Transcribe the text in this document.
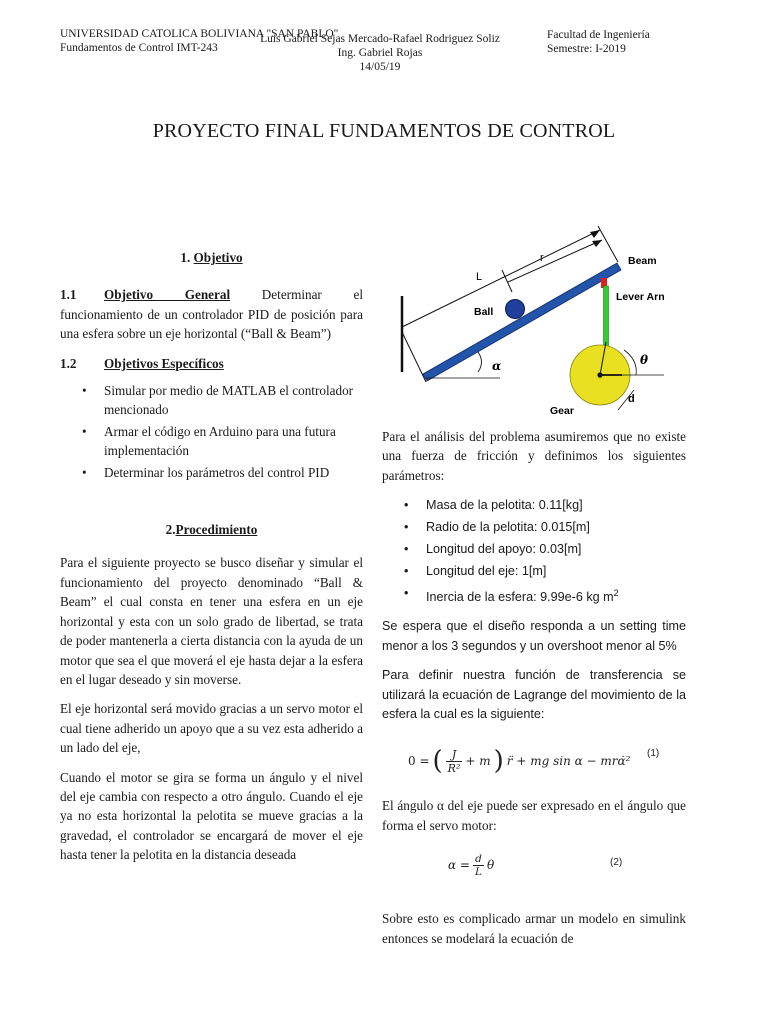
UNIVERSIDAD CATOLICA BOLIVIANA "SAN PABLO"
Fundamentos de Control IMT-243
Luis Gabriel Sejas Mercado-Rafael Rodriguez Soliz
Ing. Gabriel Rojas
14/05/19
Facultad de Ingeniería
Semestre: I-2019
PROYECTO FINAL FUNDAMENTOS DE CONTROL
1. Objetivo

1.1 Objetivo General Determinar el funcionamiento de un controlador PID de posición para una esfera sobre un eje horizontal (“Ball & Beam”)

1.2	Objetivos Específicos
• Simular por medio de MATLAB el controlador mencionado
• Armar el código en Arduino para una futura implementación
• Determinar los parámetros del control PID
2.Procedimiento

Para el siguiente proyecto se busco diseñar y simular el funcionamiento del proyecto denominado “Ball & Beam” el cual consta en tener una esfera en un eje horizontal y esta con un solo grado de libertad, se trata de poder mantenerla a cierta distancia con la ayuda de un motor que sea el que moverá el eje hasta dejar a la esfera en el lugar deseado y sin moverse.

El eje horizontal será movido gracias a un servo motor el cual tiene adherido un apoyo que a su vez esta adherido a un lado del eje,

Cuando el motor se gira se forma un ángulo y el nivel del eje cambia con respecto a otro ángulo. Cuando el eje ya no esta horizontal la pelotita se mueve gracias a la gravedad, el controlador se encargará de mover el eje hasta tener la pelotita en la distancia deseada

L
r	Beam
Lever Arn
Ball
α	θ
d
Gear

Para el análisis del problema asumiremos que no existe una fuerza de fricción y definimos los siguientes parámetros:

• Masa de la pelotita: 0.11[kg]
• Radio de la pelotita: 0.015[m]
• Longitud del apoyo: 0.03[m]
• Longitud del eje: 1[m]
• Inercia de la esfera: 9.99e-6 kg $m^2$

Se espera que el diseño responda a un setting time menor a los 3 segundos y un overshoot menor al 5%

Para definir nuestra función de transferencia se utilizará la ecuación de Lagrange del movimiento de la esfera la cual es la siguiente:

0 = ( $\frac{J}{\text{R²}} + m$ ) r̈ + mg sin α − mrα̇²
(1)

El ángulo α del eje puede ser expresado en el ángulo que forma el servo motor:

$\alpha = \frac{d}{L}$ θ	(2)

Sobre esto es complicado armar un modelo en simulink entonces se modelará la ecuación de
